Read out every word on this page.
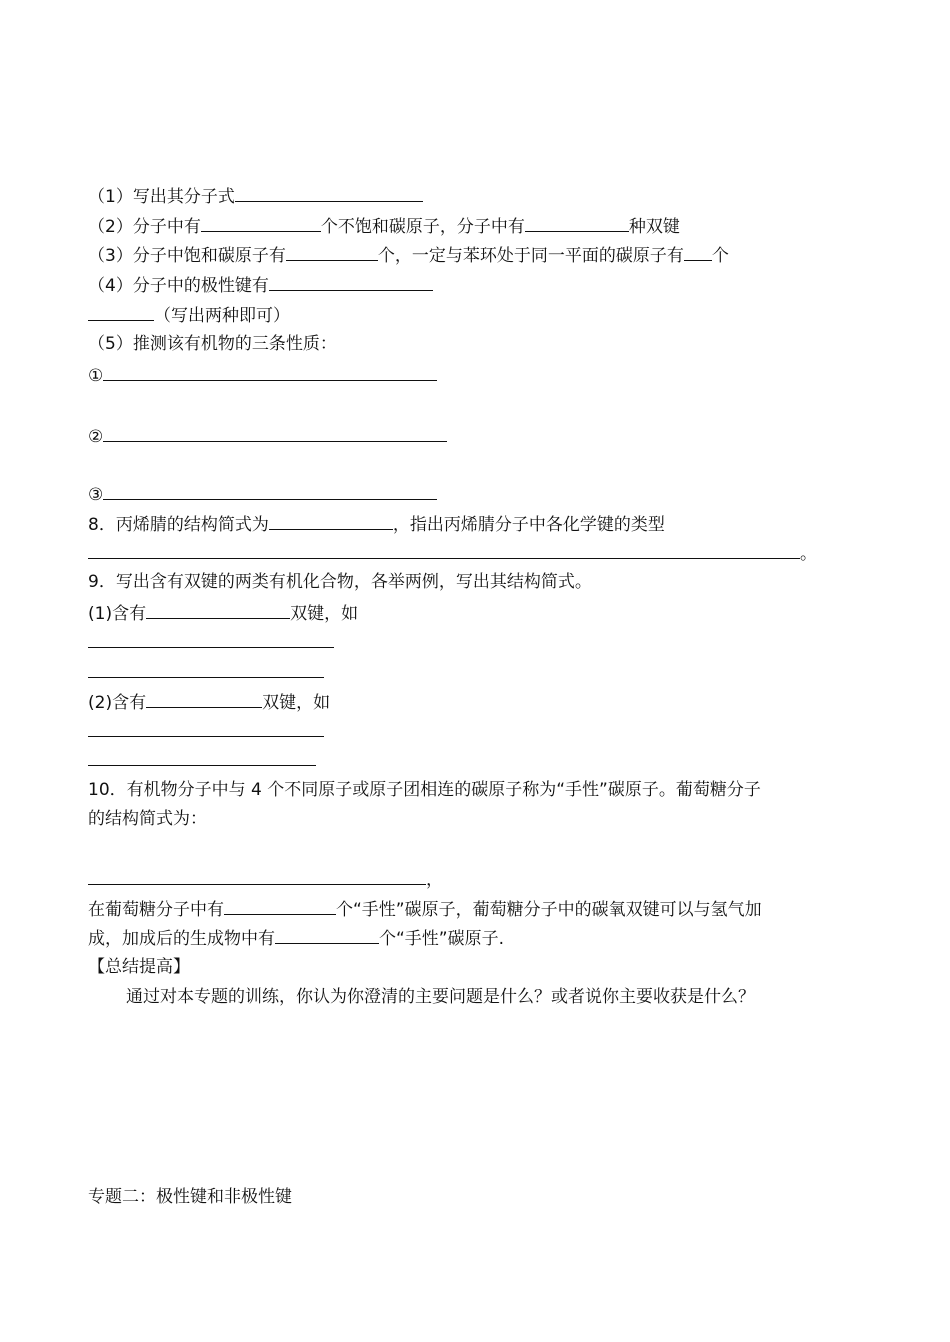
（1）写出其分子式
（2）分子中有	个不饱和碳原子，分子中有	种双键
（3）分子中饱和碳原子有	个，一定与苯环处于同一平面的碳原子有 个
（4）分子中的极性键有
（写出两种即可）
（5）推测该有机物的三条性质：
①
②
③
8．丙烯腈的结构简式为	，指出丙烯腈分子中各化学键的类型
。
9．写出含有双键的两类有机化合物，各举两例，写出其结构简式。
(1)含有	双键，如
(2)含有	双键，如
10．有机物分子中与 4 个不同原子或原子团相连的碳原子称为“手性”碳原子。葡萄糖分子
的结构简式为：
，
在葡萄糖分子中有	个“手性”碳原子，葡萄糖分子中的碳氧双键可以与氢气加
成，加成后的生成物中有	个“手性”碳原子.
【总结提高】
通过对本专题的训练，你认为你澄清的主要问题是什么？或者说你主要收获是什么？
专题二：极性键和非极性键
